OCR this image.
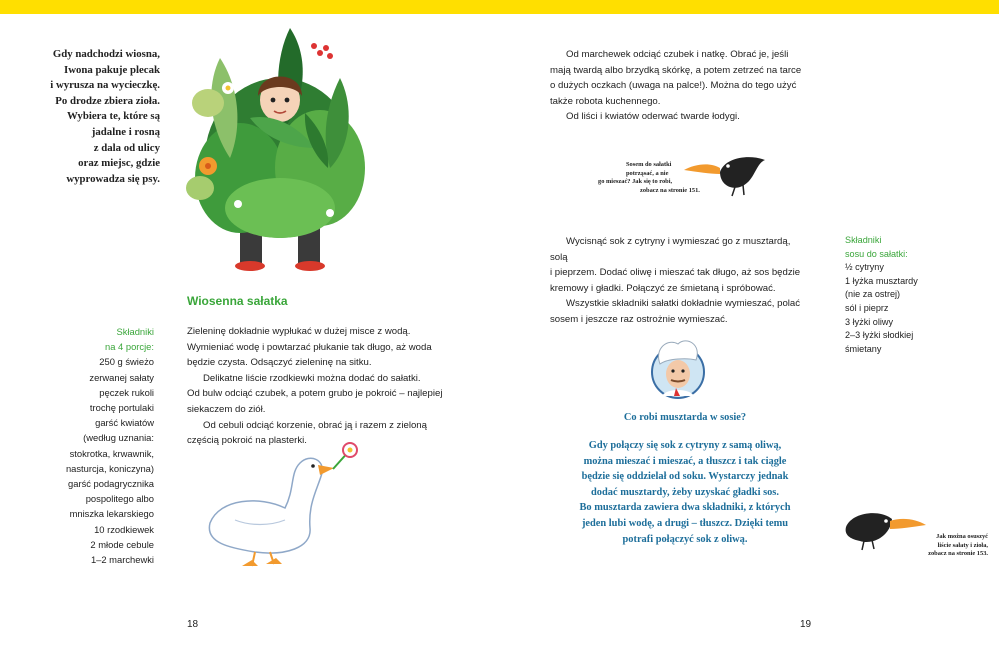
Gdy nadchodzi wiosna,
Iwona pakuje plecak
i wyrusza na wycieczkę.
Po drodze zbiera zioła.
Wybiera te, które są
jadalne i rosną
z dala od ulicy
oraz miejsc, gdzie
wyprowadza się psy.
Wiosenna sałatka
Składniki
na 4 porcje:
250 g świeżo
zerwanej sałaty
pęczek rukoli
trochę portulaki
garść kwiatów
(według uznania:
stokrotka, krwawnik,
nasturcja, koniczyna)
garść podagrycznika
pospolitego albo
mniszka lekarskiego
10 rzodkiewek
2 młode cebule
1–2 marchewki

Zieleninę dokładnie wypłukać w dużej misce z wodą.
Wymieniać wodę i powtarzać płukanie tak długo, aż woda
będzie czysta. Odsączyć zieleninę na sitku.

Delikatne liście rzodkiewki można dodać do sałatki.
Od bulw odciąć czubek, a potem grubo je pokroić – najlepiej
siekaczem do ziół.

Od cebuli odciąć korzenie, obrać ją i razem z zieloną
częścią pokroić na plasterki.

18	19

Od marchewek odciąć czubek i natkę. Obrać je, jeśli
mają twardą albo brzydką skórkę, a potem zetrzeć na tarce
o dużych oczkach (uwaga na palce!). Można do tego użyć
także robota kuchennego.

Od liści i kwiatów oderwać twarde łodygi.

Sosem do sałatki
potrząsać, a nie
go mieszać? Jak się to robi,
zobacz na stronie 151.

Wycisnąć sok z cytryny i wymieszać go z musztardą, solą
i pieprzem. Dodać oliwę i mieszać tak długo, aż sos będzie
kremowy i gładki. Połączyć ze śmietaną i spróbować.

Wszystkie składniki sałatki dokładnie wymieszać, polać
sosem i jeszcze raz ostrożnie wymieszać.

Składniki
sosu do sałatki:
½ cytryny
1 łyżka musztardy
(nie za ostrej)
sól i pieprz
3 łyżki oliwy
2–3 łyżki słodkiej
śmietany
Co robi musztarda w sosie?
Gdy połączy się sok z cytryny z samą oliwą,
można mieszać i mieszać, a tłuszcz i tak ciągle
będzie się oddzielał od soku. Wystarczy jednak
dodać musztardy, żeby uzyskać gładki sos.
Bo musztarda zawiera dwa składniki, z których
jeden lubi wodę, a drugi – tłuszcz. Dzięki temu
potrafi połączyć sok z oliwą.	Jak można osuszyć
liście sałaty i zioła,
zobacz na stronie 153.
